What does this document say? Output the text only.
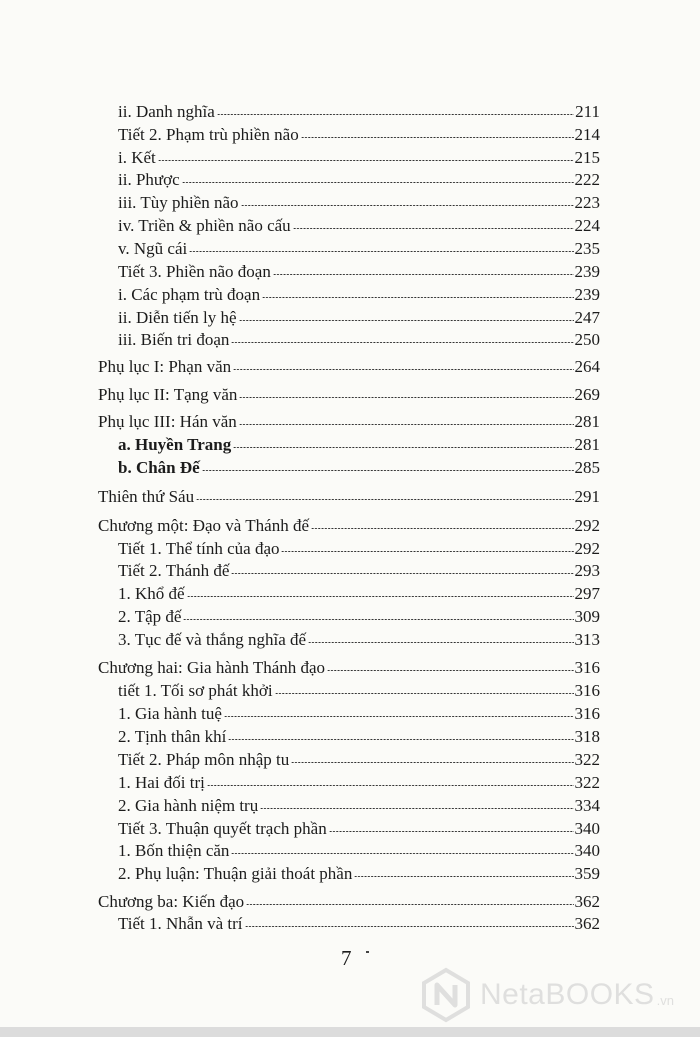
ii. Danh nghĩa	211
Tiết 2. Phạm trù phiền não	214
i. Kết	215
ii. Phược	222
iii. Tùy phiền não	223
iv. Triền & phiền não cấu	224
v. Ngũ cái	235
Tiết 3. Phiền não đoạn	239
i. Các phạm trù đoạn	239
ii. Diễn tiến ly hệ	247
iii. Biến tri đoạn	250
Phụ lục I: Phạn văn	264
Phụ lục II: Tạng văn	269
Phụ lục III: Hán văn	281
a. Huyền Trang	281
b. Chân Đế	285
Thiên thứ Sáu	291
Chương một: Đạo và Thánh đế	292
Tiết 1. Thể tính của đạo	292
Tiết 2. Thánh đế	293
1. Khổ đế	297
2. Tập đế	309
3. Tục đế và thắng nghĩa đế	313
Chương hai: Gia hành Thánh đạo	316
tiết 1. Tối sơ phát khởi	316
1. Gia hành tuệ	316
2. Tịnh thân khí	318
Tiết 2. Pháp môn nhập tu	322
1. Hai đối trị	322
2. Gia hành niệm trụ	334
Tiết 3. Thuận quyết trạch phần	340
1. Bốn thiện căn	340
2. Phụ luận: Thuận giải thoát phần	359
Chương ba: Kiến đạo	362
Tiết 1. Nhẫn và trí	362
7
NetaBOOKS .vn
